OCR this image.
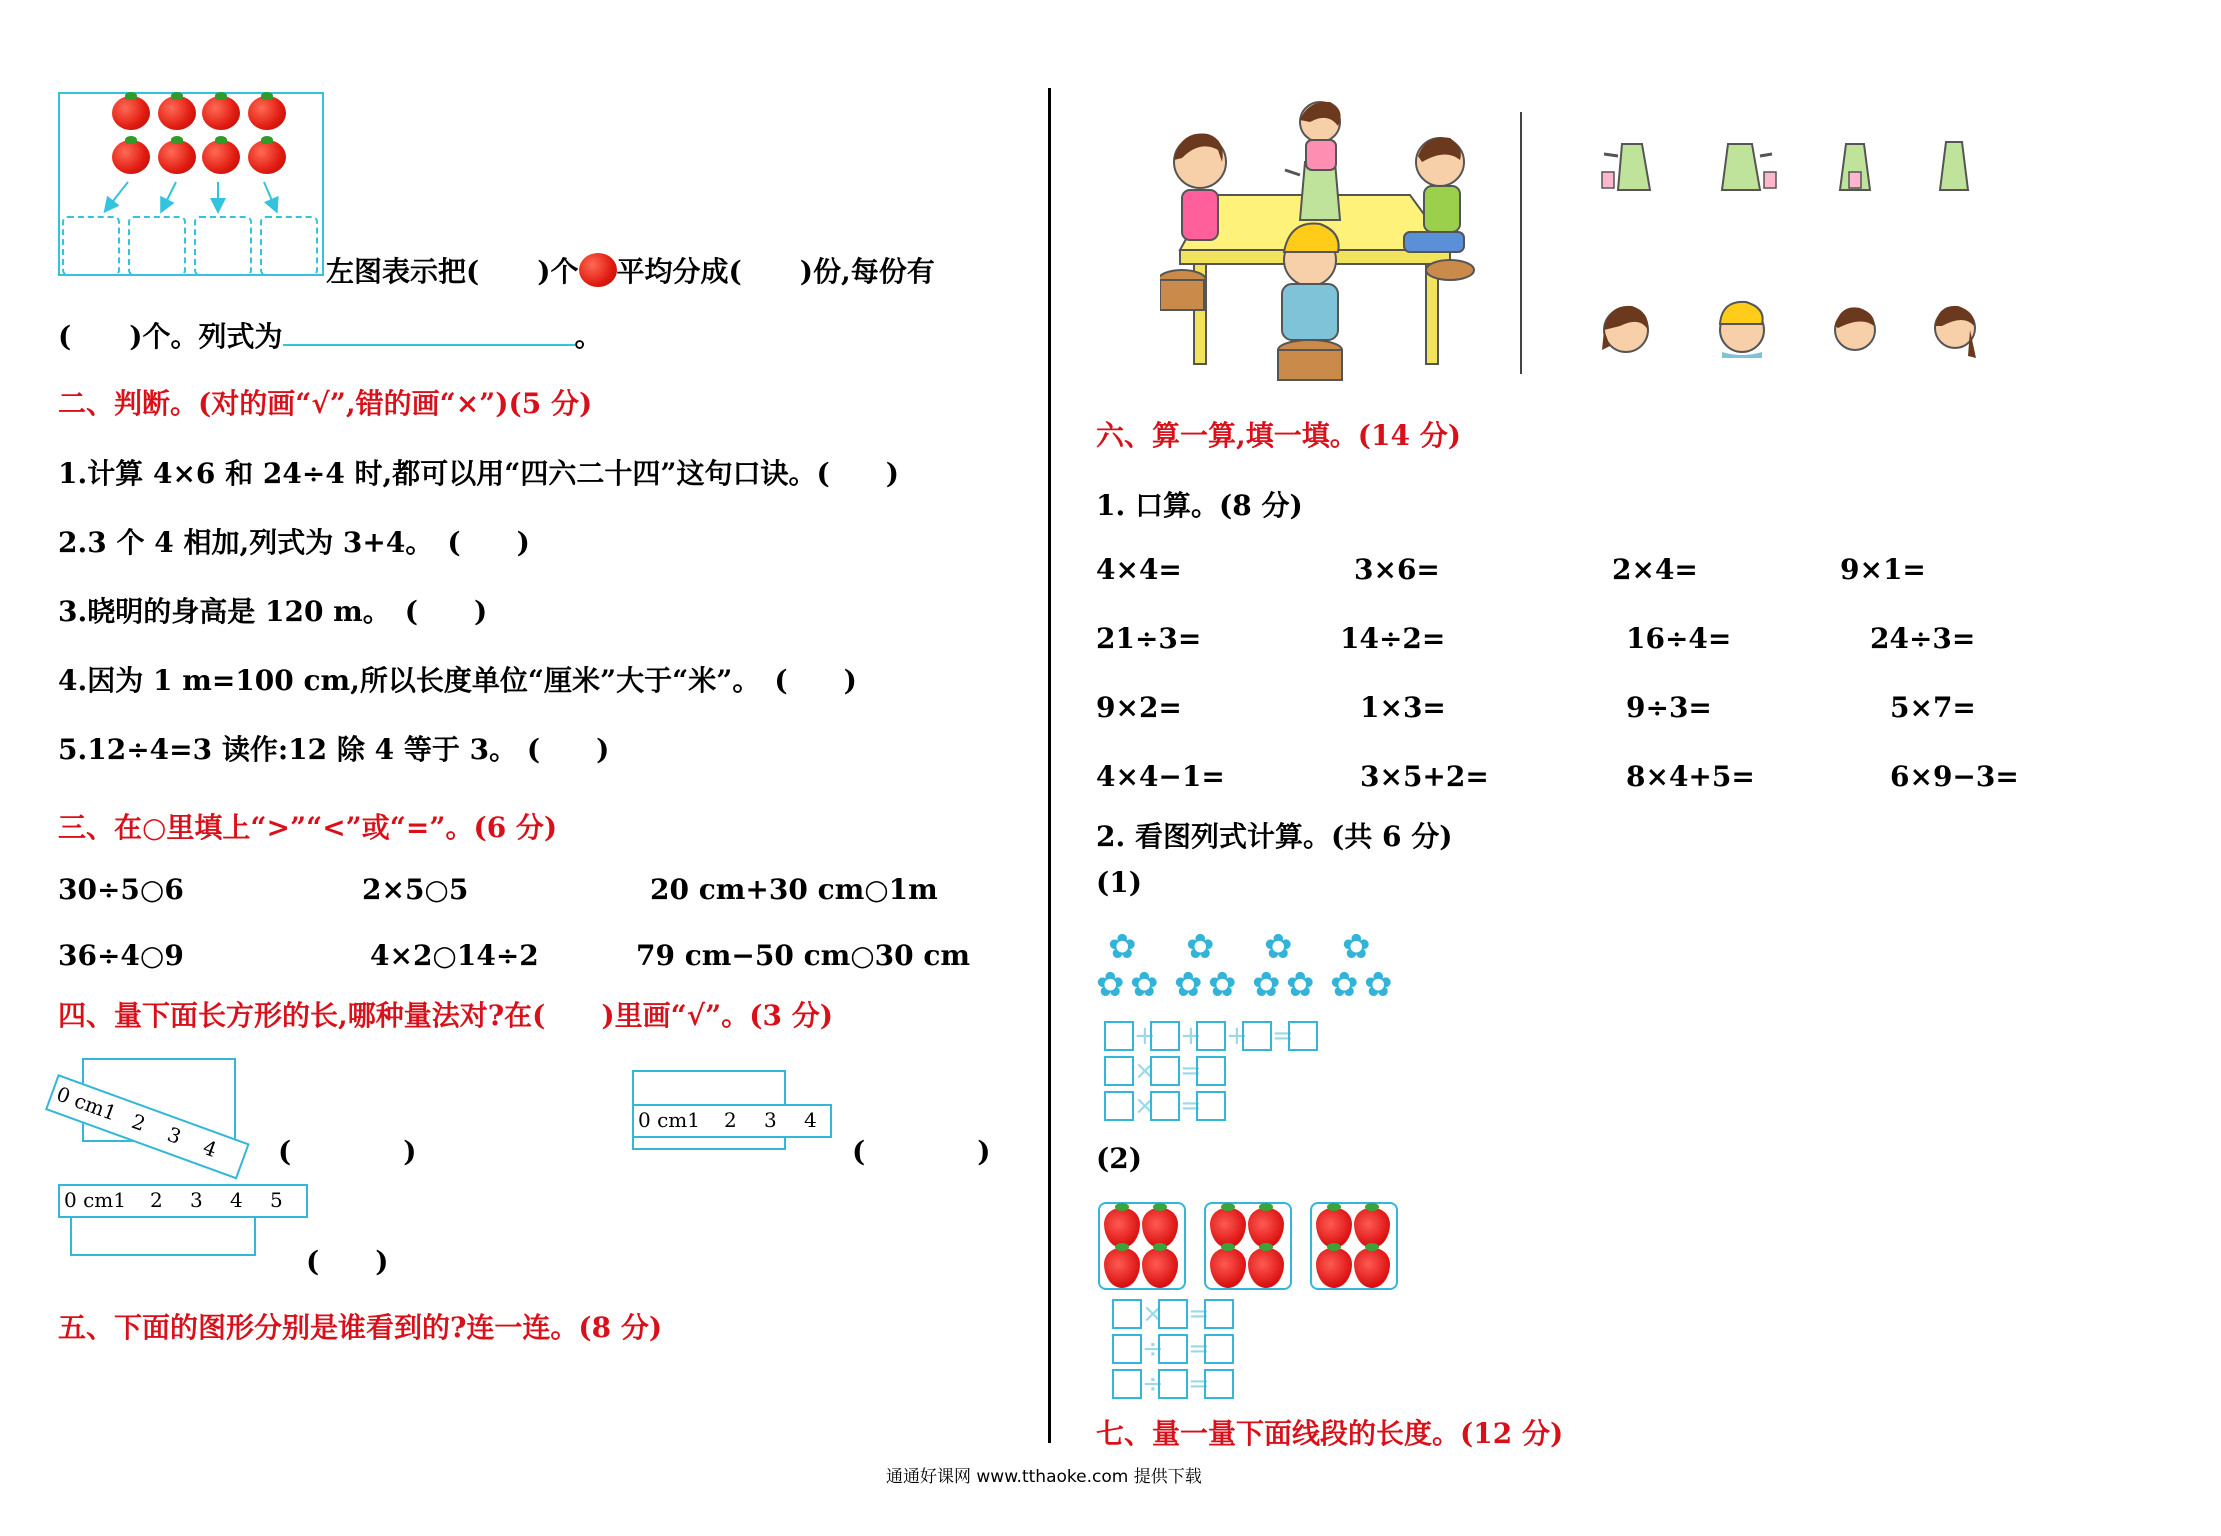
左图表示把( )个 平均分成( )份,每份有
( )个。列式为	。
二、判断。(对的画“√”,错的画“×”)(5 分)
1.计算 4×6 和 24÷4 时,都可以用“四六二十四”这句口诀。(　　)
2.3 个 4 相加,列式为 3+4。　(　　)
3.晓明的身高是 120 m。　(　　)
4.因为 1 m=100 cm,所以长度单位“厘米”大于“米”。　(　　)
5.12÷4=3 读作:12 除 4 等于 3。 (　　)
三、在○里填上“>”“<”或“=”。(6 分)
30÷5○6	2×5○5	20 cm+30 cm○1m
36÷4○9	4×2○14÷2	79 cm−50 cm○30 cm
四、量下面长方形的长,哪种量法对?在(　　)里画“√”。(3 分)
0 cm1 2 3 4 (　　　　)
0 cm1 2 3 4
(　　　　)
0 cm1 2 3 4 5
(　　)
五、下面的图形分别是谁看到的?连一连。(8 分)
六、算一算,填一填。(14 分)
1. 口算。(8 分)
4×4=	3×6=	2×4=	9×1=
21÷3=	14÷2=	16÷4=	24÷3=
9×2=	1×3=	9÷3=	5×7=
4×4−1=	3×5+2=	8×4+5=	6×9−3=
2. 看图列式计算。(共 6 分)
(1)
✿ ✿ ✿ ✿
✿ ✿ ✿ ✿ ✿ ✿ ✿ ✿
+ + + =
× =
× =
(2)
× =
÷ =
÷ =
七、量一量下面线段的长度。(12 分)
通通好课网 www.tthaoke.com 提供下载
